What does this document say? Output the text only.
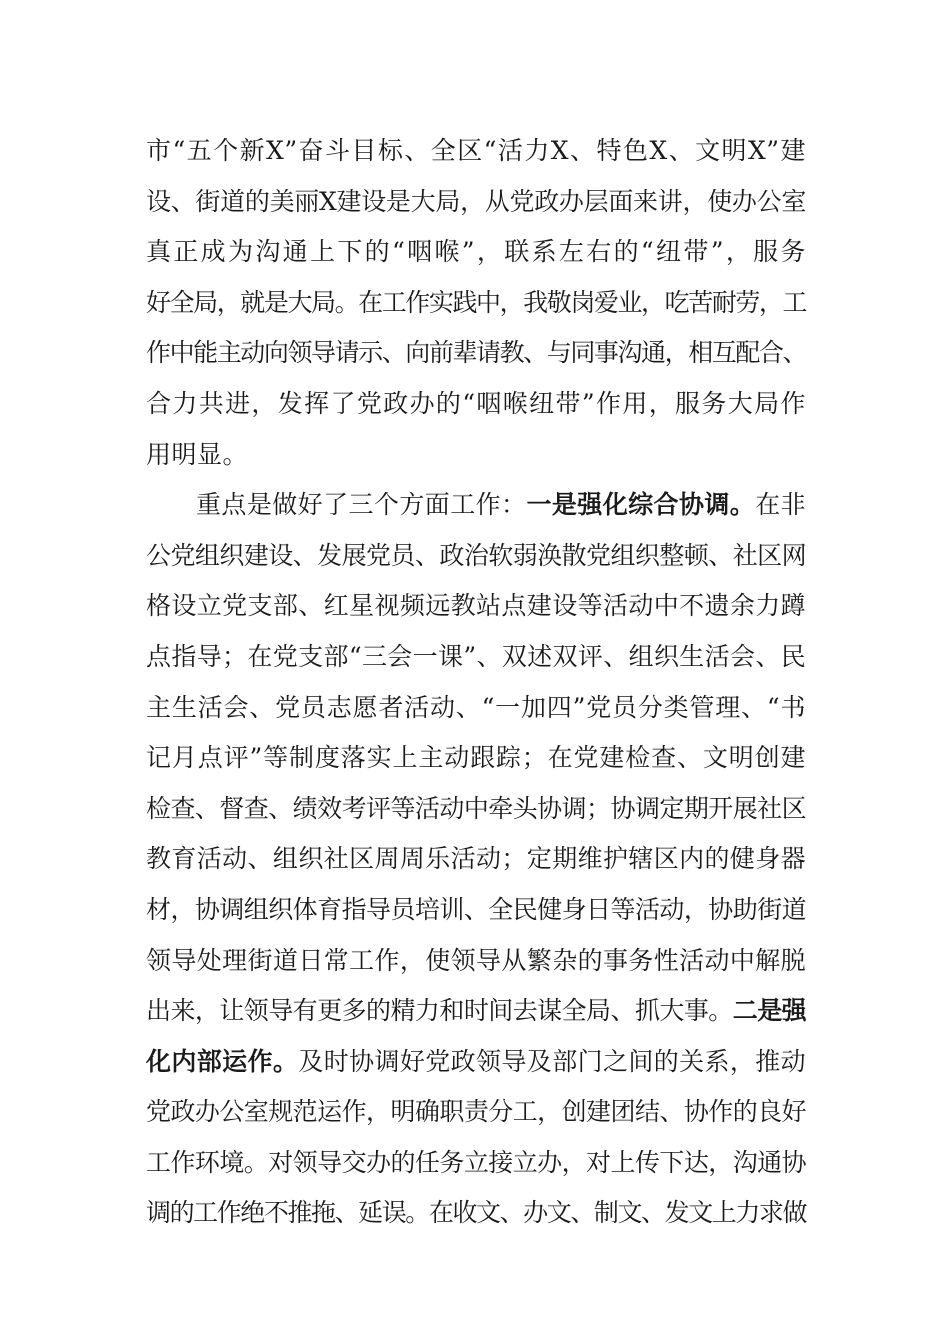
市“五个新X”奋斗目标、全区“活力X、特色X、文明X”建
设、街道的美丽X建设是大局，从党政办层面来讲，使办公室
真正成为沟通上下的“咽喉”，联系左右的“纽带”，服务
好全局，就是大局。在工作实践中，我敬岗爱业，吃苦耐劳，工
作中能主动向领导请示、向前辈请教、与同事沟通，相互配合、
合力共进，发挥了党政办的“咽喉纽带”作用，服务大局作
用明显。
重点是做好了三个方面工作：一是强化综合协调。在非
公党组织建设、发展党员、政治软弱涣散党组织整顿、社区网
格设立党支部、红星视频远教站点建设等活动中不遗余力蹲
点指导；在党支部“三会一课”、双述双评、组织生活会、民
主生活会、党员志愿者活动、“一加四”党员分类管理、“书
记月点评”等制度落实上主动跟踪；在党建检查、文明创建
检查、督查、绩效考评等活动中牵头协调；协调定期开展社区
教育活动、组织社区周周乐活动；定期维护辖区内的健身器
材，协调组织体育指导员培训、全民健身日等活动，协助街道
领导处理街道日常工作，使领导从繁杂的事务性活动中解脱
出来，让领导有更多的精力和时间去谋全局、抓大事。二是强
化内部运作。及时协调好党政领导及部门之间的关系，推动
党政办公室规范运作，明确职责分工，创建团结、协作的良好
工作环境。对领导交办的任务立接立办，对上传下达，沟通协
调的工作绝不推拖、延误。在收文、办文、制文、发文上力求做
